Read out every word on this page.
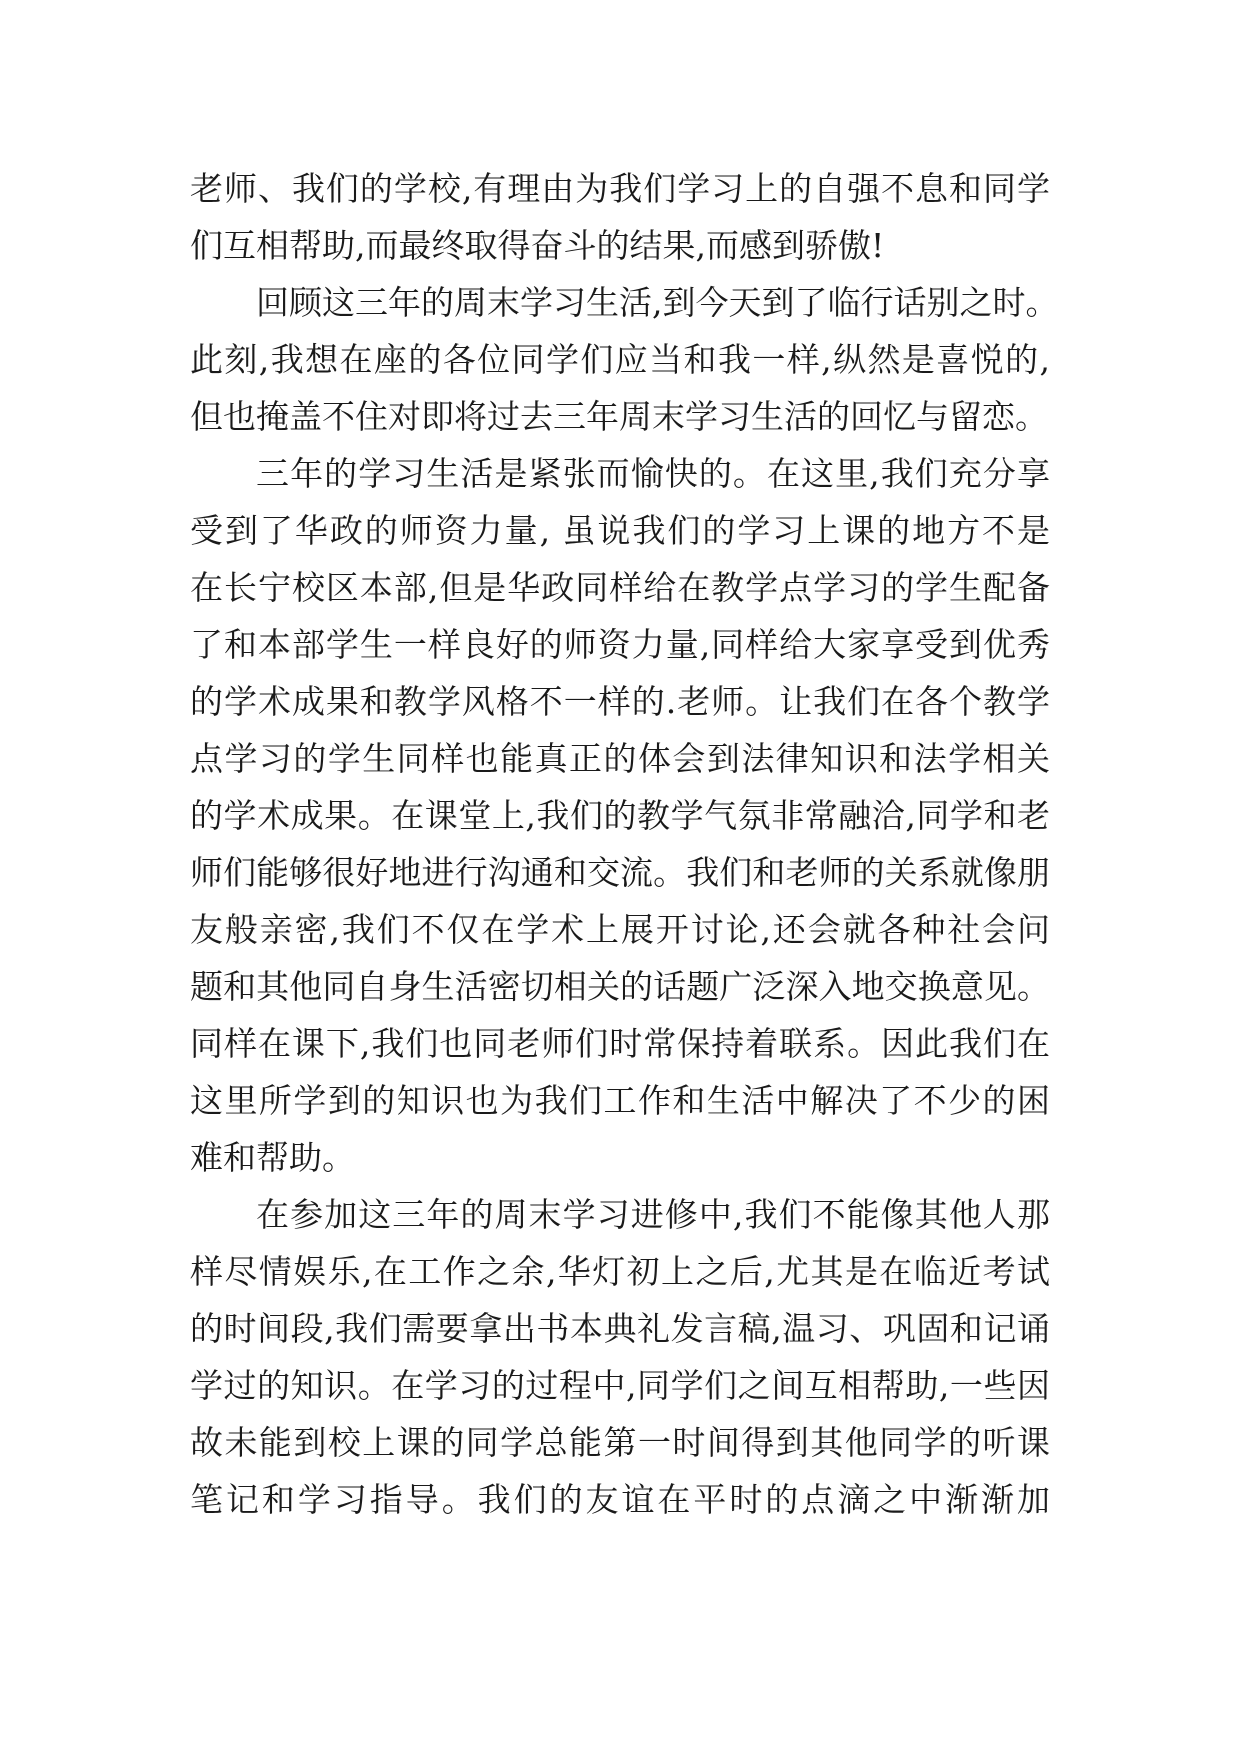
老师、我们的学校,有理由为我们学习上的自强不息和同学
们互相帮助,而最终取得奋斗的结果,而感到骄傲!
回顾这三年的周末学习生活,到今天到了临行话别之时。
此刻,我想在座的各位同学们应当和我一样,纵然是喜悦的,
但也掩盖不住对即将过去三年周末学习生活的回忆与留恋。
三年的学习生活是紧张而愉快的。在这里,我们充分享
受到了华政的师资力量, 虽说我们的学习上课的地方不是
在长宁校区本部,但是华政同样给在教学点学习的学生配备
了和本部学生一样良好的师资力量,同样给大家享受到优秀
的学术成果和教学风格不一样的.老师。让我们在各个教学
点学习的学生同样也能真正的体会到法律知识和法学相关
的学术成果。在课堂上,我们的教学气氛非常融洽,同学和老
师们能够很好地进行沟通和交流。我们和老师的关系就像朋
友般亲密,我们不仅在学术上展开讨论,还会就各种社会问
题和其他同自身生活密切相关的话题广泛深入地交换意见。
同样在课下,我们也同老师们时常保持着联系。因此我们在
这里所学到的知识也为我们工作和生活中解决了不少的困
难和帮助。
在参加这三年的周末学习进修中,我们不能像其他人那
样尽情娱乐,在工作之余,华灯初上之后,尤其是在临近考试
的时间段,我们需要拿出书本典礼发言稿,温习、巩固和记诵
学过的知识。在学习的过程中,同学们之间互相帮助,一些因
故未能到校上课的同学总能第一时间得到其他同学的听课
笔记和学习指导。我们的友谊在平时的点滴之中渐渐加
